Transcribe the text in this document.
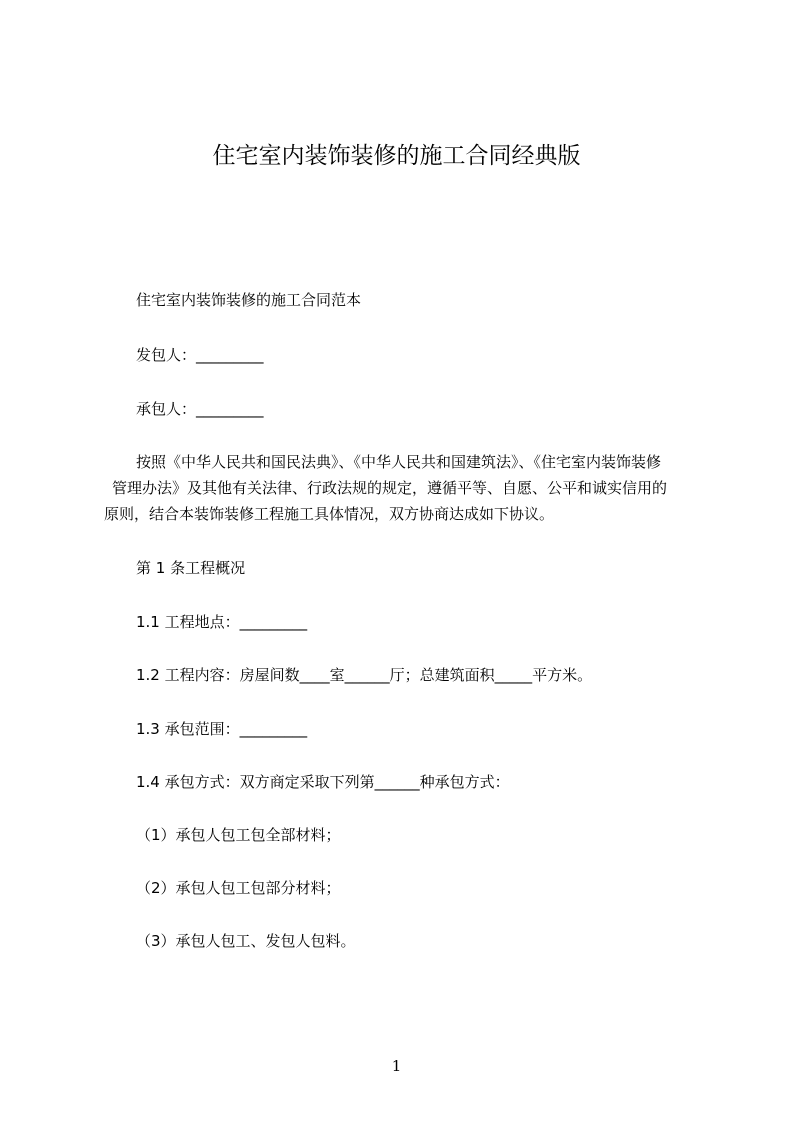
住宅室内装饰装修的施工合同经典版

住宅室内装饰装修的施工合同范本

发包人：_________

承包人：_________

按照《中华人民共和国民法典》、《中华人民共和国建筑法》、《住宅室内装饰装修
管理办法》及其他有关法律、行政法规的规定，遵循平等、自愿、公平和诚实信用的
原则，结合本装饰装修工程施工具体情况，双方协商达成如下协议。

第 1 条工程概况

1.1 工程地点：_________

1.2 工程内容：房屋间数____室______厅；总建筑面积_____平方米。

1.3 承包范围：_________

1.4 承包方式：双方商定采取下列第______种承包方式：

（1）承包人包工包全部材料；

（2）承包人包工包部分材料；

（3）承包人包工、发包人包料。

1
